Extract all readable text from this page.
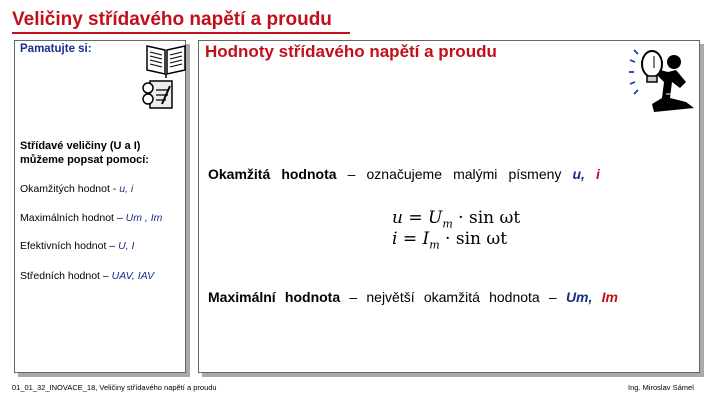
Veličiny střídavého napětí a proudu
Pamatujte si:
Střídavé veličiny (U a I)
můžeme popsat pomocí:
Okamžitých hodnot - u, i
Maximálních hodnot – Um , Im
Efektivních hodnot – U, I
Středních hodnot – UAV, IAV
Hodnoty střídavého napětí a proudu
Okamžitá hodnota – označujeme malými písmeny u, i
$u = U_m \cdot \sin \omega t$
$i = I_m \cdot \sin \omega t$
Maximální hodnota – největší okamžitá hodnota – Um, Im
01_01_32_INOVACE_18, Veličiny střídavého napětí a proudu	Ing. Miroslav Sámel
